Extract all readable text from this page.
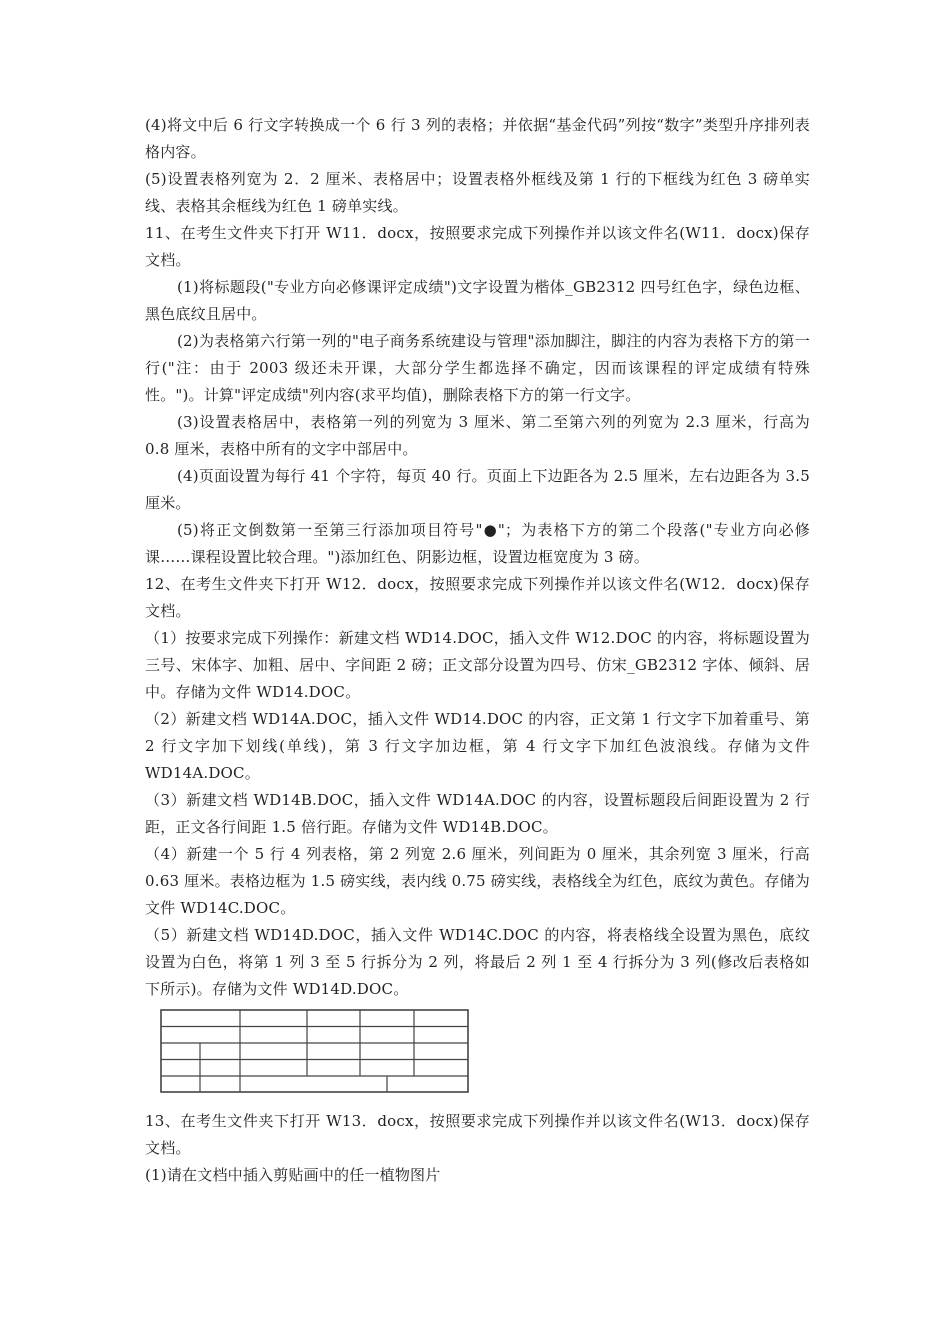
(4)将文中后 6 行文字转换成一个 6 行 3 列的表格；并依据“基金代码”列按“数字”类型升序排列表格内容。

(5)设置表格列宽为 2．2 厘米、表格居中；设置表格外框线及第 1 行的下框线为红色 3 磅单实线、表格其余框线为红色 1 磅单实线。

11、在考生文件夹下打开 W11．docx，按照要求完成下列操作并以该文件名(W11．docx)保存文档。

(1)将标题段("专业方向必修课评定成绩")文字设置为楷体_GB2312 四号红色字，绿色边框、黑色底纹且居中。

(2)为表格第六行第一列的"电子商务系统建设与管理"添加脚注，脚注的内容为表格下方的第一行("注：由于 2003 级还未开课，大部分学生都选择不确定，因而该课程的评定成绩有特殊性。")。计算"评定成绩"列内容(求平均值)，删除表格下方的第一行文字。

(3)设置表格居中，表格第一列的列宽为 3 厘米、第二至第六列的列宽为 2.3 厘米，行高为 0.8 厘米，表格中所有的文字中部居中。

(4)页面设置为每行 41 个字符，每页 40 行。页面上下边距各为 2.5 厘米，左右边距各为 3.5 厘米。

(5)将正文倒数第一至第三行添加项目符号"●"；为表格下方的第二个段落("专业方向必修课……课程设置比较合理。")添加红色、阴影边框，设置边框宽度为 3 磅。

12、在考生文件夹下打开 W12．docx，按照要求完成下列操作并以该文件名(W12．docx)保存文档。

（1）按要求完成下列操作：新建文档 WD14.DOC，插入文件 W12.DOC 的内容，将标题设置为三号、宋体字、加粗、居中、字间距 2 磅；正文部分设置为四号、仿宋_GB2312 字体、倾斜、居中。存储为文件 WD14.DOC。

（2）新建文档 WD14A.DOC，插入文件 WD14.DOC 的内容，正文第 1 行文字下加着重号、第 2 行文字加下划线(单线)，第 3 行文字加边框，第 4 行文字下加红色波浪线。存储为文件 WD14A.DOC。

（3）新建文档 WD14B.DOC，插入文件 WD14A.DOC 的内容，设置标题段后间距设置为 2 行距，正文各行间距 1.5 倍行距。存储为文件 WD14B.DOC。

（4）新建一个 5 行 4 列表格，第 2 列宽 2.6 厘米，列间距为 0 厘米，其余列宽 3 厘米，行高 0.63 厘米。表格边框为 1.5 磅实线，表内线 0.75 磅实线，表格线全为红色，底纹为黄色。存储为文件 WD14C.DOC。

（5）新建文档 WD14D.DOC，插入文件 WD14C.DOC 的内容，将表格线全设置为黑色，底纹设置为白色，将第 1 列 3 至 5 行拆分为 2 列，将最后 2 列 1 至 4 行拆分为 3 列(修改后表格如下所示)。存储为文件 WD14D.DOC。

13、在考生文件夹下打开 W13．docx，按照要求完成下列操作并以该文件名(W13．docx)保存文档。

(1)请在文档中插入剪贴画中的任一植物图片
